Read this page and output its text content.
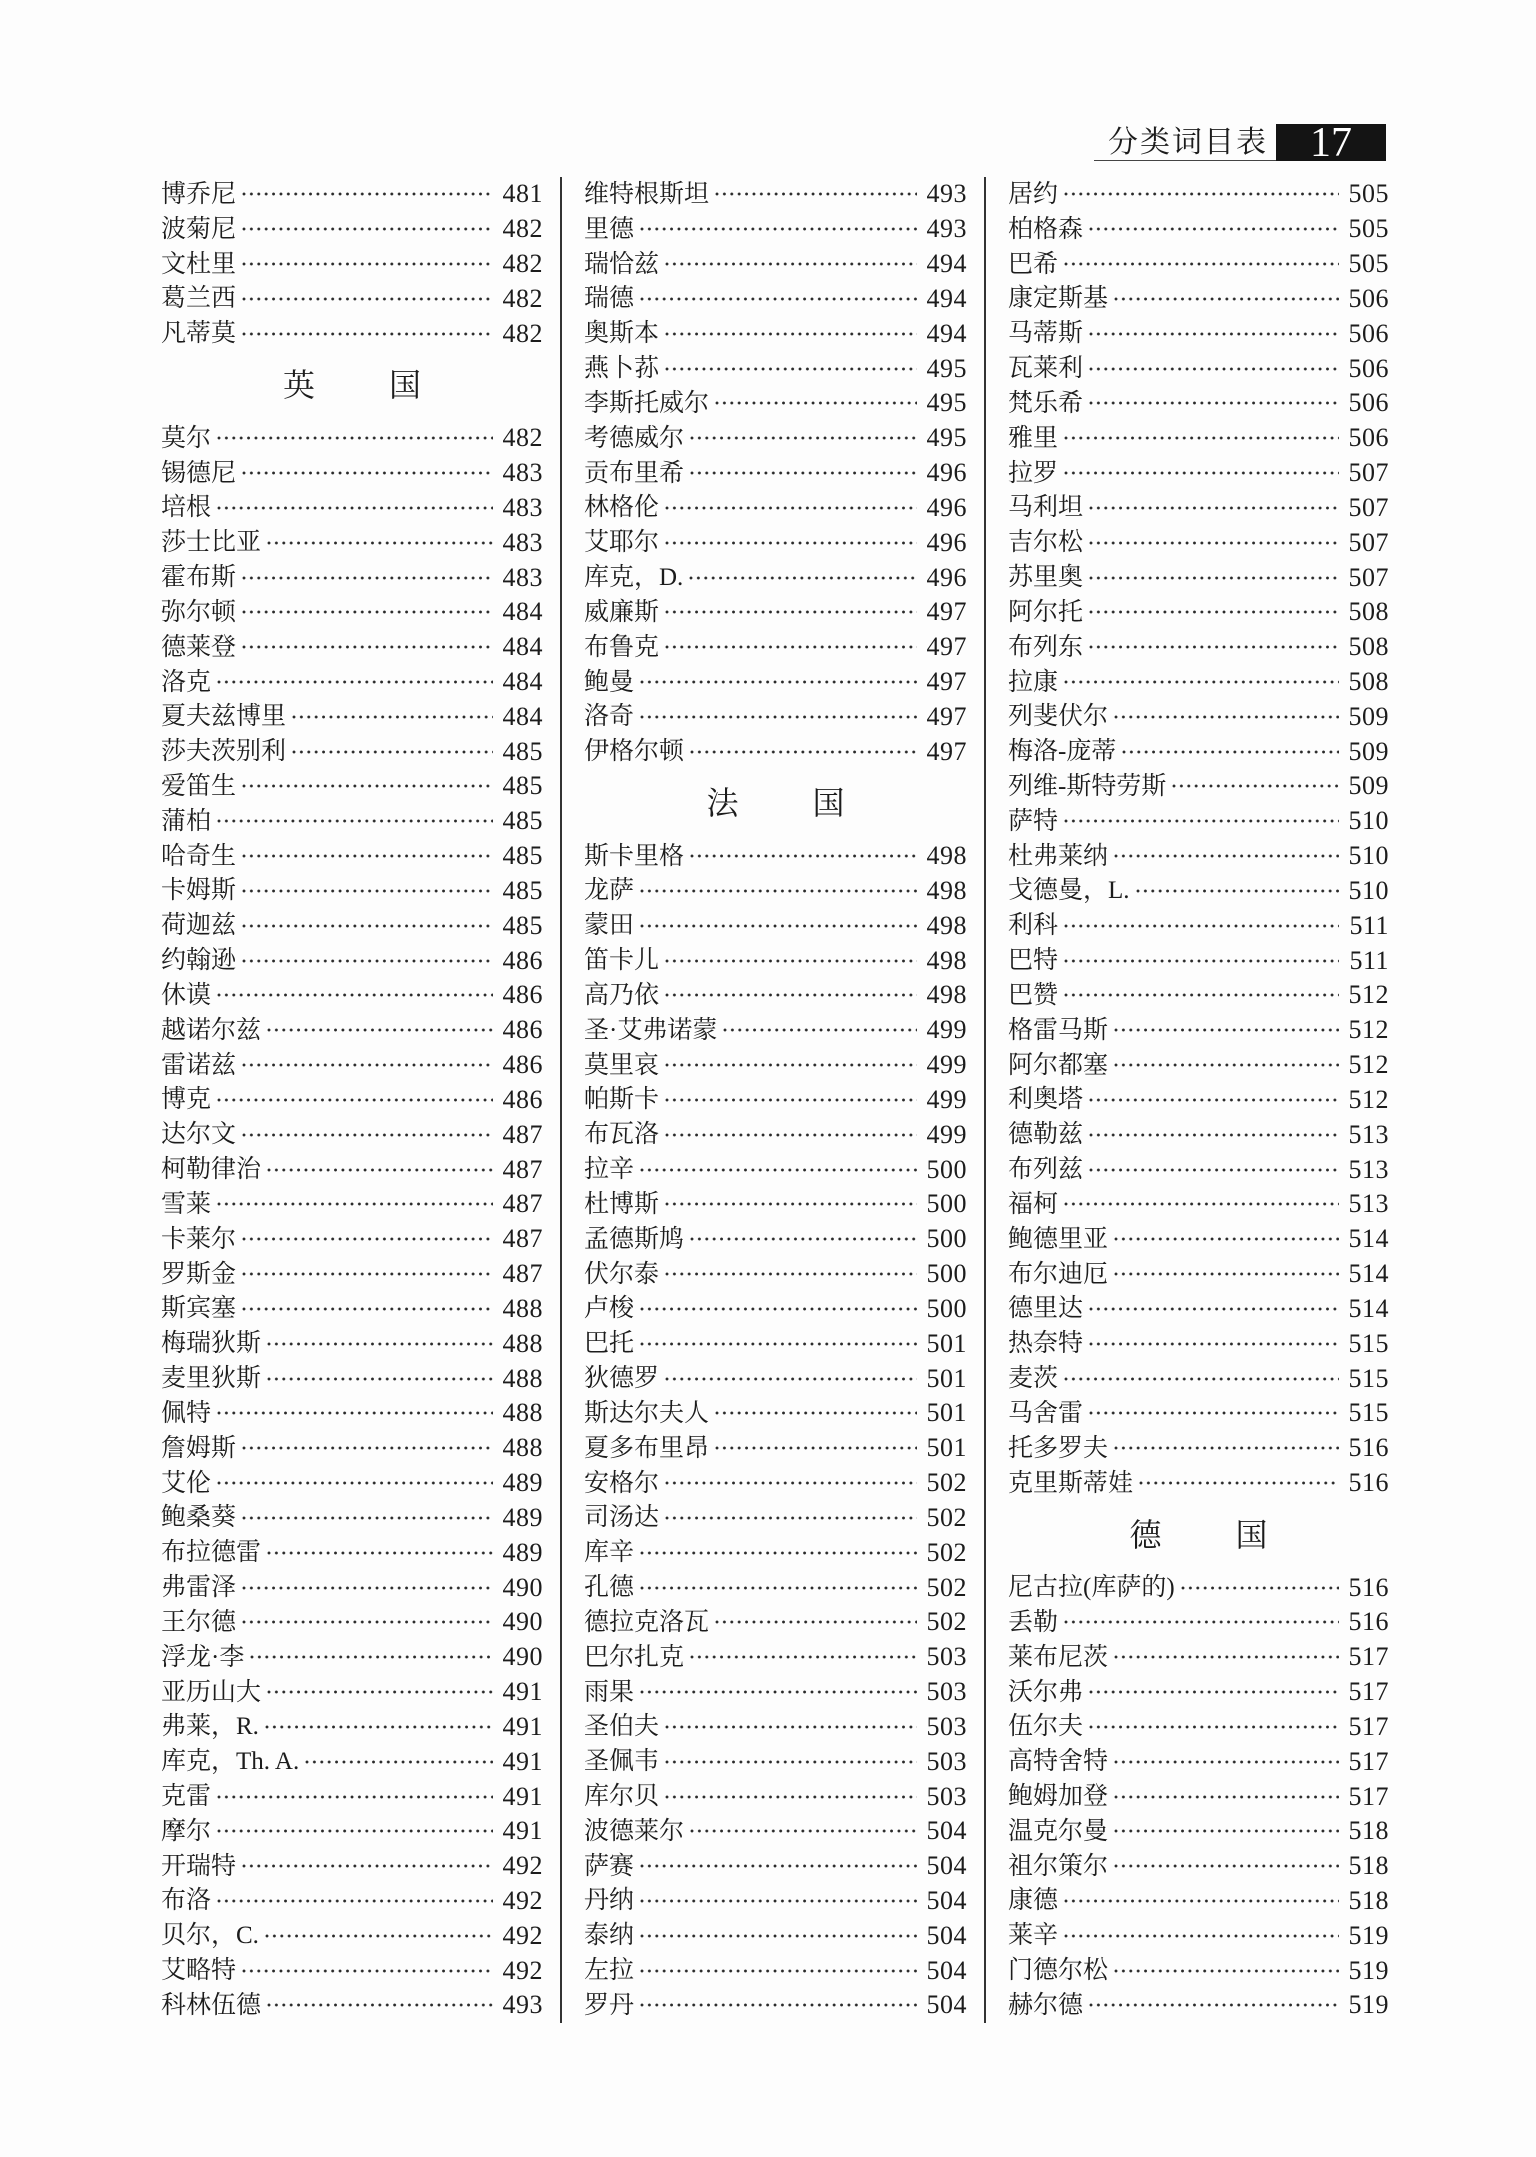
分类词目表	17
博乔尼	481
波菊尼	482
文杜里	482
葛兰西	482
凡蒂莫	482
英 国
莫尔	482
锡德尼	483
培根	483
莎士比亚	483
霍布斯	483
弥尔顿	484
德莱登	484
洛克	484
夏夫兹博里	484
莎夫茨别利	485
爱笛生	485
蒲柏	485
哈奇生	485
卡姆斯	485
荷迦兹	485
约翰逊	486
休谟	486
越诺尔兹	486
雷诺兹	486
博克	486
达尔文	487
柯勒律治	487
雪莱	487
卡莱尔	487
罗斯金	487
斯宾塞	488
梅瑞狄斯	488
麦里狄斯	488
佩特	488
詹姆斯	488
艾伦	489
鲍桑葵	489
布拉德雷	489
弗雷泽	490
王尔德	490
浮龙·李	490
亚历山大	491
弗莱，R.	491
库克，Th. A.	491
克雷	491
摩尔	491
开瑞特	492
布洛	492
贝尔，C.	492
艾略特	492
科林伍德	493
维特根斯坦	493
里德	493
瑞恰兹	494
瑞德	494
奥斯本	494
燕卜荪	495
李斯托威尔	495
考德威尔	495
贡布里希	496
林格伦	496
艾耶尔	496
库克，D.	496
威廉斯	497
布鲁克	497
鲍曼	497
洛奇	497
伊格尔顿	497
法 国
斯卡里格	498
龙萨	498
蒙田	498
笛卡儿	498
高乃依	498
圣·艾弗诺蒙	499
莫里哀	499
帕斯卡	499
布瓦洛	499
拉辛	500
杜博斯	500
孟德斯鸠	500
伏尔泰	500
卢梭	500
巴托	501
狄德罗	501
斯达尔夫人	501
夏多布里昂	501
安格尔	502
司汤达	502
库辛	502
孔德	502
德拉克洛瓦	502
巴尔扎克	503
雨果	503
圣伯夫	503
圣佩韦	503
库尔贝	503
波德莱尔	504
萨赛	504
丹纳	504
泰纳	504
左拉	504
罗丹	504
居约	505
柏格森	505
巴希	505
康定斯基	506
马蒂斯	506
瓦莱利	506
梵乐希	506
雅里	506
拉罗	507
马利坦	507
吉尔松	507
苏里奥	507
阿尔托	508
布列东	508
拉康	508
列斐伏尔	509
梅洛-庞蒂	509
列维-斯特劳斯	509
萨特	510
杜弗莱纳	510
戈德曼，L.	510
利科	511
巴特	511
巴赞	512
格雷马斯	512
阿尔都塞	512
利奥塔	512
德勒兹	513
布列兹	513
福柯	513
鲍德里亚	514
布尔迪厄	514
德里达	514
热奈特	515
麦茨	515
马舍雷	515
托多罗夫	516
克里斯蒂娃	516
德 国
尼古拉(库萨的)	516
丢勒	516
莱布尼茨	517
沃尔弗	517
伍尔夫	517
高特舍特	517
鲍姆加登	517
温克尔曼	518
祖尔策尔	518
康德	518
莱辛	519
门德尔松	519
赫尔德	519
